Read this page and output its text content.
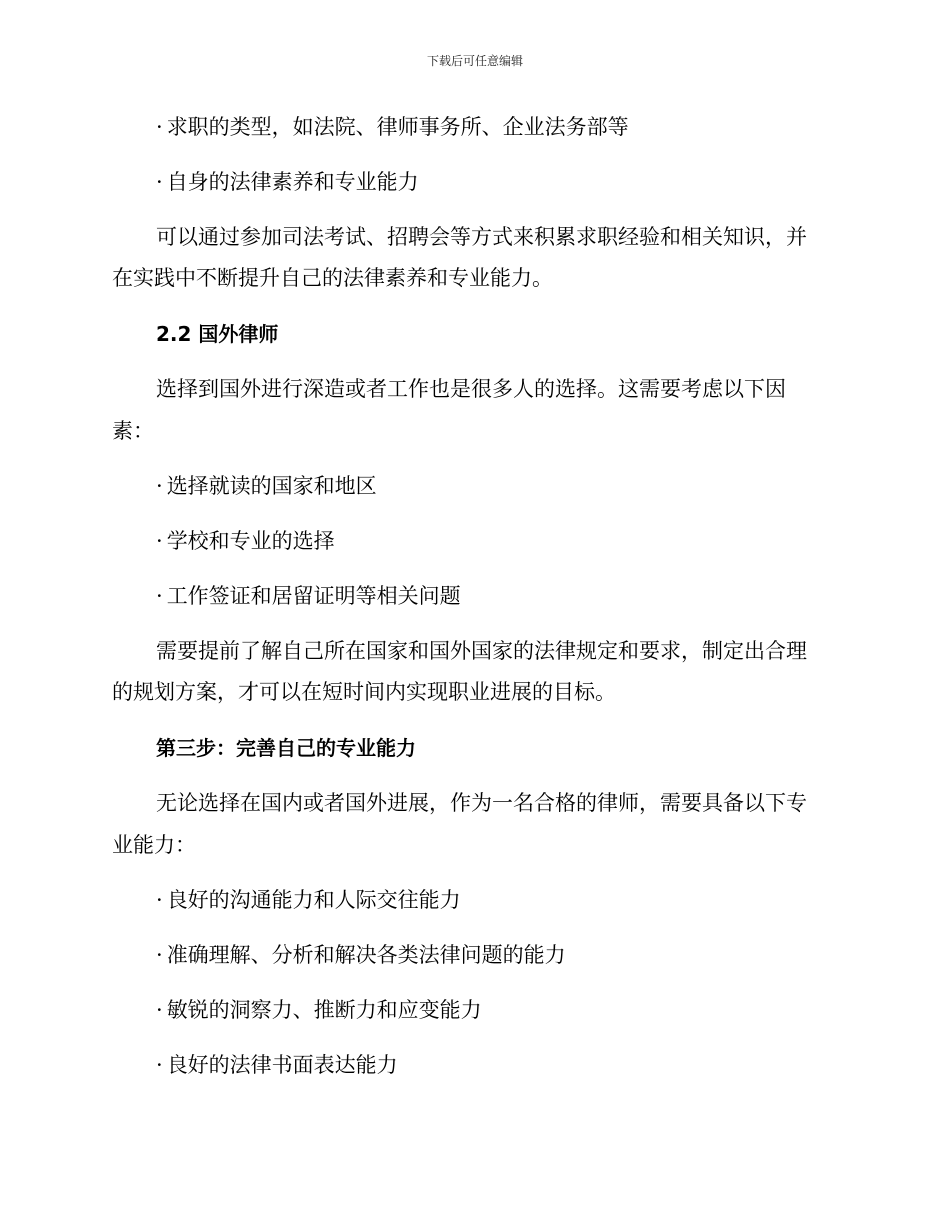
下载后可任意编辑
· 求职的类型，如法院、律师事务所、企业法务部等
· 自身的法律素养和专业能力
可以通过参加司法考试、招聘会等方式来积累求职经验和相关知识，并
在实践中不断提升自己的法律素养和专业能力。
2.2 国外律师
选择到国外进行深造或者工作也是很多人的选择。这需要考虑以下因
素：
· 选择就读的国家和地区
· 学校和专业的选择
· 工作签证和居留证明等相关问题
需要提前了解自己所在国家和国外国家的法律规定和要求，制定出合理
的规划方案，才可以在短时间内实现职业进展的目标。
第三步：完善自己的专业能力
无论选择在国内或者国外进展，作为一名合格的律师，需要具备以下专
业能力：
· 良好的沟通能力和人际交往能力
· 准确理解、分析和解决各类法律问题的能力
· 敏锐的洞察力、推断力和应变能力
· 良好的法律书面表达能力
